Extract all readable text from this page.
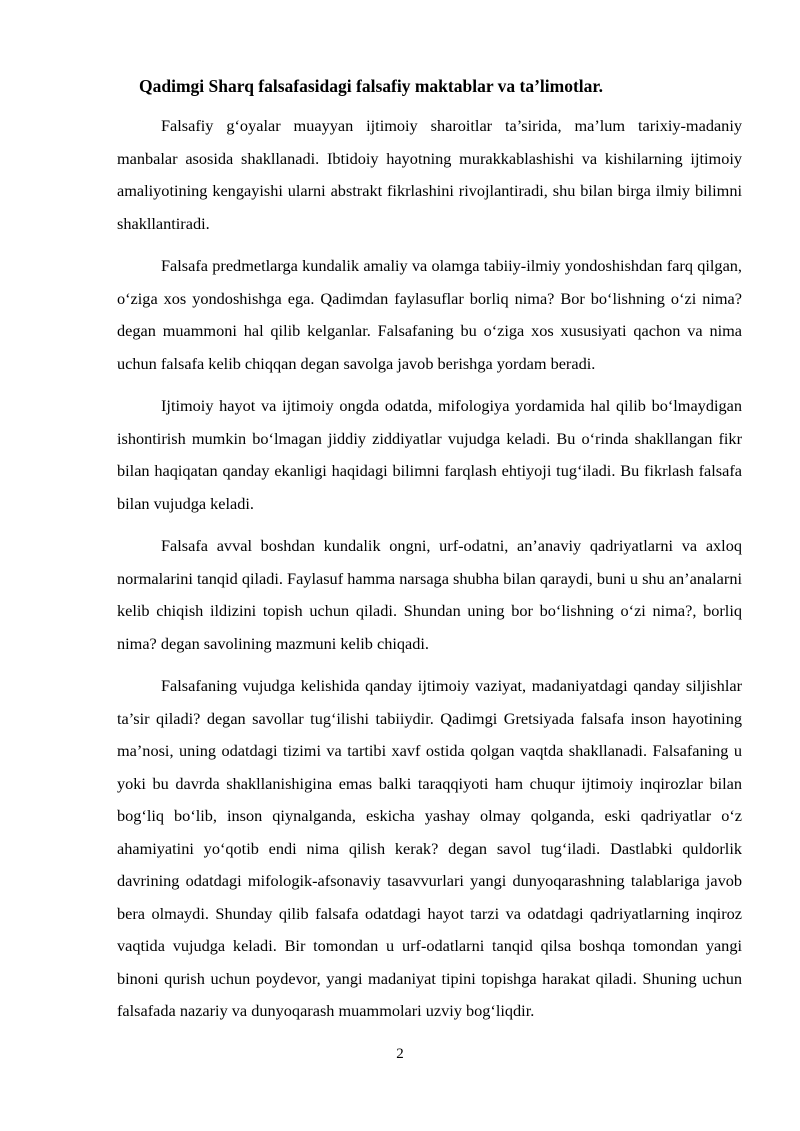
Qadimgi Sharq falsafasidagi falsafiy maktablar va ta’limotlar.

Falsafiy g‘oyalar muayyan ijtimoiy sharoitlar ta’sirida, ma’lum tarixiy-madaniy manbalar asosida shakllanadi. Ibtidoiy hayotning murakkablashishi va kishilarning ijtimoiy amaliyotining kengayishi ularni abstrakt fikrlashini rivojlantiradi, shu bilan birga ilmiy bilimni shakllantiradi.

Falsafa predmetlarga kundalik amaliy va olamga tabiiy-ilmiy yondoshishdan farq qilgan, o‘ziga xos yondoshishga ega. Qadimdan faylasuflar borliq nima? Bor bo‘lishning o‘zi nima? degan muammoni hal qilib kelganlar. Falsafaning bu o‘ziga xos xususiyati qachon va nima uchun falsafa kelib chiqqan degan savolga javob berishga yordam beradi.

Ijtimoiy hayot va ijtimoiy ongda odatda, mifologiya yordamida hal qilib bo‘lmaydigan ishontirish mumkin bo‘lmagan jiddiy ziddiyatlar vujudga keladi. Bu o‘rinda shakllangan fikr bilan haqiqatan qanday ekanligi haqidagi bilimni farqlash ehtiyoji tug‘iladi. Bu fikrlash falsafa bilan vujudga keladi.

Falsafa avval boshdan kundalik ongni, urf-odatni, an’anaviy qadriyatlarni va axloq normalarini tanqid qiladi. Faylasuf hamma narsaga shubha bilan qaraydi, buni u shu an’analarni kelib chiqish ildizini topish uchun qiladi. Shundan uning bor bo‘lishning o‘zi nima?, borliq nima? degan savolining mazmuni kelib chiqadi.

Falsafaning vujudga kelishida qanday ijtimoiy vaziyat, madaniyatdagi qanday siljishlar ta’sir qiladi? degan savollar tug‘ilishi tabiiydir. Qadimgi Gretsiyada falsafa inson hayotining ma’nosi, uning odatdagi tizimi va tartibi xavf ostida qolgan vaqtda shakllanadi. Falsafaning u yoki bu davrda shakllanishigina emas balki taraqqiyoti ham chuqur ijtimoiy inqirozlar bilan bog‘liq bo‘lib, inson qiynalganda, eskicha yashay olmay qolganda, eski qadriyatlar o‘z ahamiyatini yo‘qotib endi nima qilish kerak? degan savol tug‘iladi. Dastlabki quldorlik davrining odatdagi mifologik-afsonaviy tasavvurlari yangi dunyoqarashning talablariga javob bera olmaydi. Shunday qilib falsafa odatdagi hayot tarzi va odatdagi qadriyatlarning inqiroz vaqtida vujudga keladi. Bir tomondan u urf-odatlarni tanqid qilsa boshqa tomondan yangi binoni qurish uchun poydevor, yangi madaniyat tipini topishga harakat qiladi. Shuning uchun falsafada nazariy va dunyoqarash muammolari uzviy bog‘liqdir.

2
